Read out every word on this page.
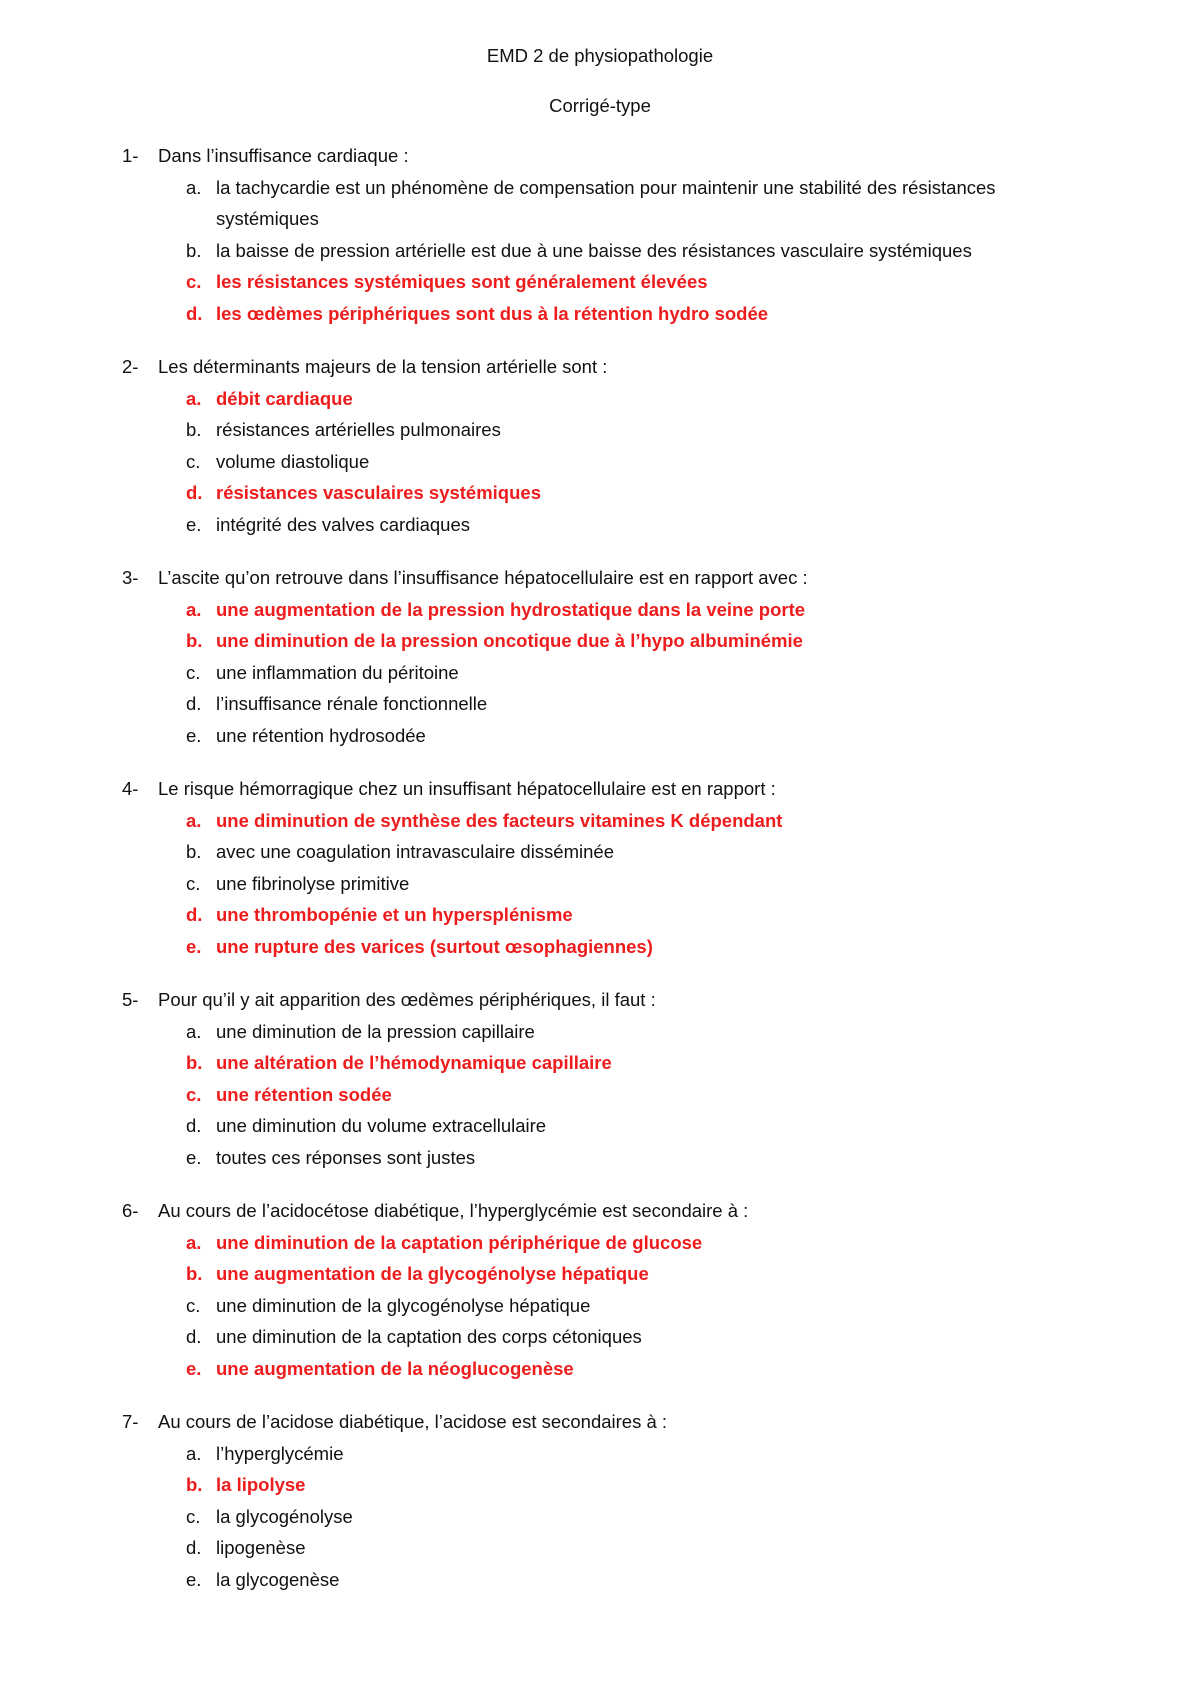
EMD 2 de physiopathologie
Corrigé-type
1-	Dans l’insuffisance cardiaque :
a. la tachycardie est un phénomène de compensation pour maintenir une stabilité des résistances systémiques
b. la baisse de pression artérielle est due à une baisse des résistances vasculaire systémiques
c. les résistances systémiques sont généralement élevées
d. les œdèmes périphériques sont dus à la rétention hydro sodée
2-	Les déterminants majeurs de la tension artérielle sont :
a. débit cardiaque
b. résistances artérielles pulmonaires
c. volume diastolique
d. résistances vasculaires systémiques
e. intégrité des valves cardiaques
3-	L’ascite qu’on retrouve dans l’insuffisance hépatocellulaire est en rapport avec :
a. une augmentation de la pression hydrostatique dans la veine porte
b. une diminution de la pression oncotique due à l’hypo albuminémie
c. une inflammation du péritoine
d. l’insuffisance rénale fonctionnelle
e. une rétention hydrosodée
4-	Le risque hémorragique chez un insuffisant hépatocellulaire est en rapport :
a. une diminution de synthèse des facteurs vitamines K dépendant
b. avec une coagulation intravasculaire disséminée
c. une fibrinolyse primitive
d. une thrombopénie et un hypersplénisme
e. une rupture des varices (surtout œsophagiennes)
5-	Pour qu’il y ait apparition des œdèmes périphériques, il faut :
a. une diminution de la pression capillaire
b. une altération de l’hémodynamique capillaire
c. une rétention sodée
d. une diminution du volume extracellulaire
e. toutes ces réponses sont justes
6-	Au cours de l’acidocétose diabétique, l’hyperglycémie est secondaire à :
a. une diminution de la captation périphérique de glucose
b. une augmentation de la glycogénolyse hépatique
c. une diminution de la glycogénolyse hépatique
d. une diminution de la captation des corps cétoniques
e. une augmentation de la néoglucogenèse
7-	Au cours de l’acidose diabétique, l’acidose est secondaires à :
a. l’hyperglycémie
b. la lipolyse
c. la glycogénolyse
d. lipogenèse
e. la glycogenèse
